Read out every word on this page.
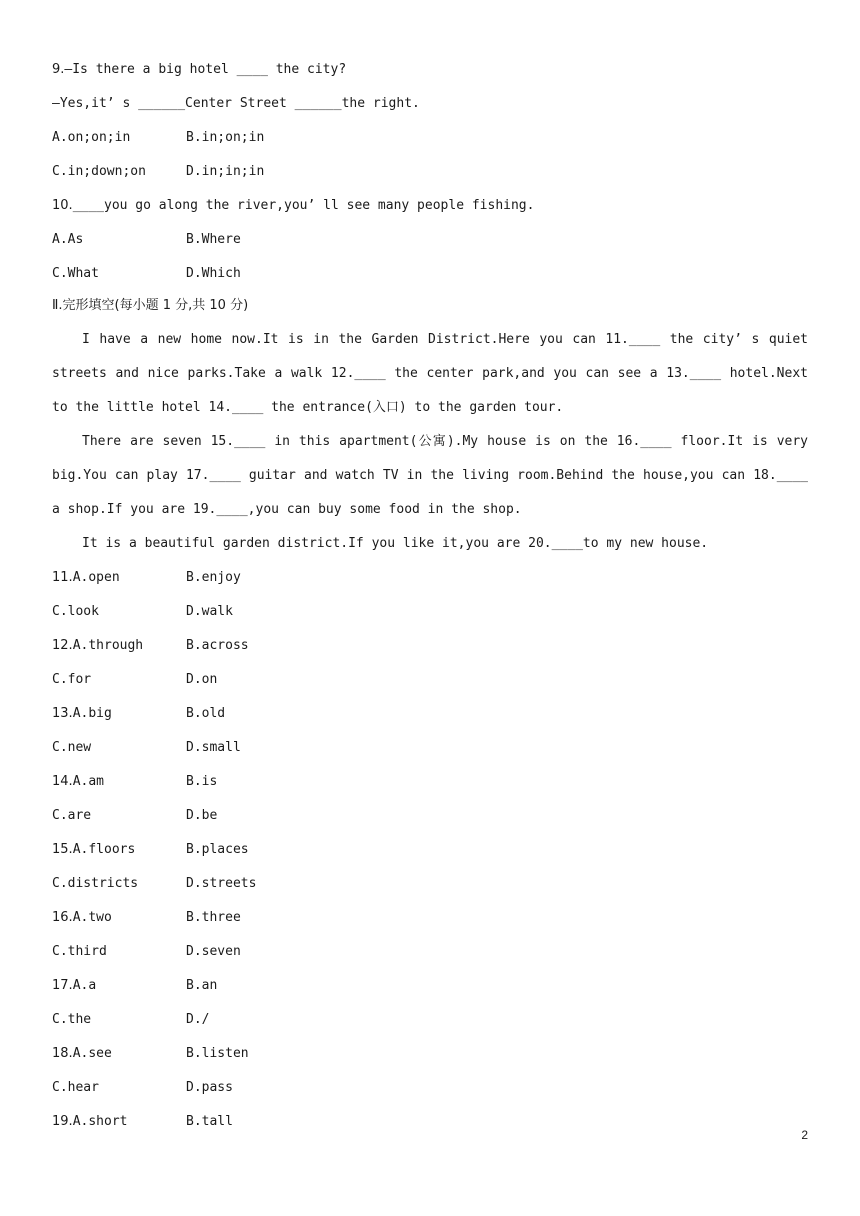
9.—Is there a big hotel ____ the city?
—Yes,it’ s ______Center Street ______the right.
A.on;on;in	B.in;on;in
C.in;down;on	D.in;in;in
10.____you go along the river,you’ ll see many people fishing.
A.As	B.Where
C.What	D.Which
Ⅱ.完形填空(每小题 1 分,共 10 分)
I have a new home now.It is in the Garden District.Here you can 11.____ the city’ s quiet streets and nice parks.Take a walk 12.____ the center park,and you can see a 13.____ hotel.Next to the little hotel 14.____ the entrance(入口) to the garden tour.
There are seven 15.____ in this apartment(公寓).My house is on the 16.____ floor.It is very big.You can play 17.____ guitar and watch TV in the living room.Behind the house,you can 18.____ a shop.If you are 19.____,you can buy some food in the shop.
It is a beautiful garden district.If you like it,you are 20.____to my new house.
11.A.open	B.enjoy
C.look	D.walk
12.A.through	B.across
C.for	D.on
13.A.big	B.old
C.new	D.small
14.A.am	B.is
C.are	D.be
15.A.floors	B.places
C.districts	D.streets
16.A.two	B.three
C.third	D.seven
17.A.a	B.an
C.the	D./
18.A.see	B.listen
C.hear	D.pass
19.A.short	B.tall
2
